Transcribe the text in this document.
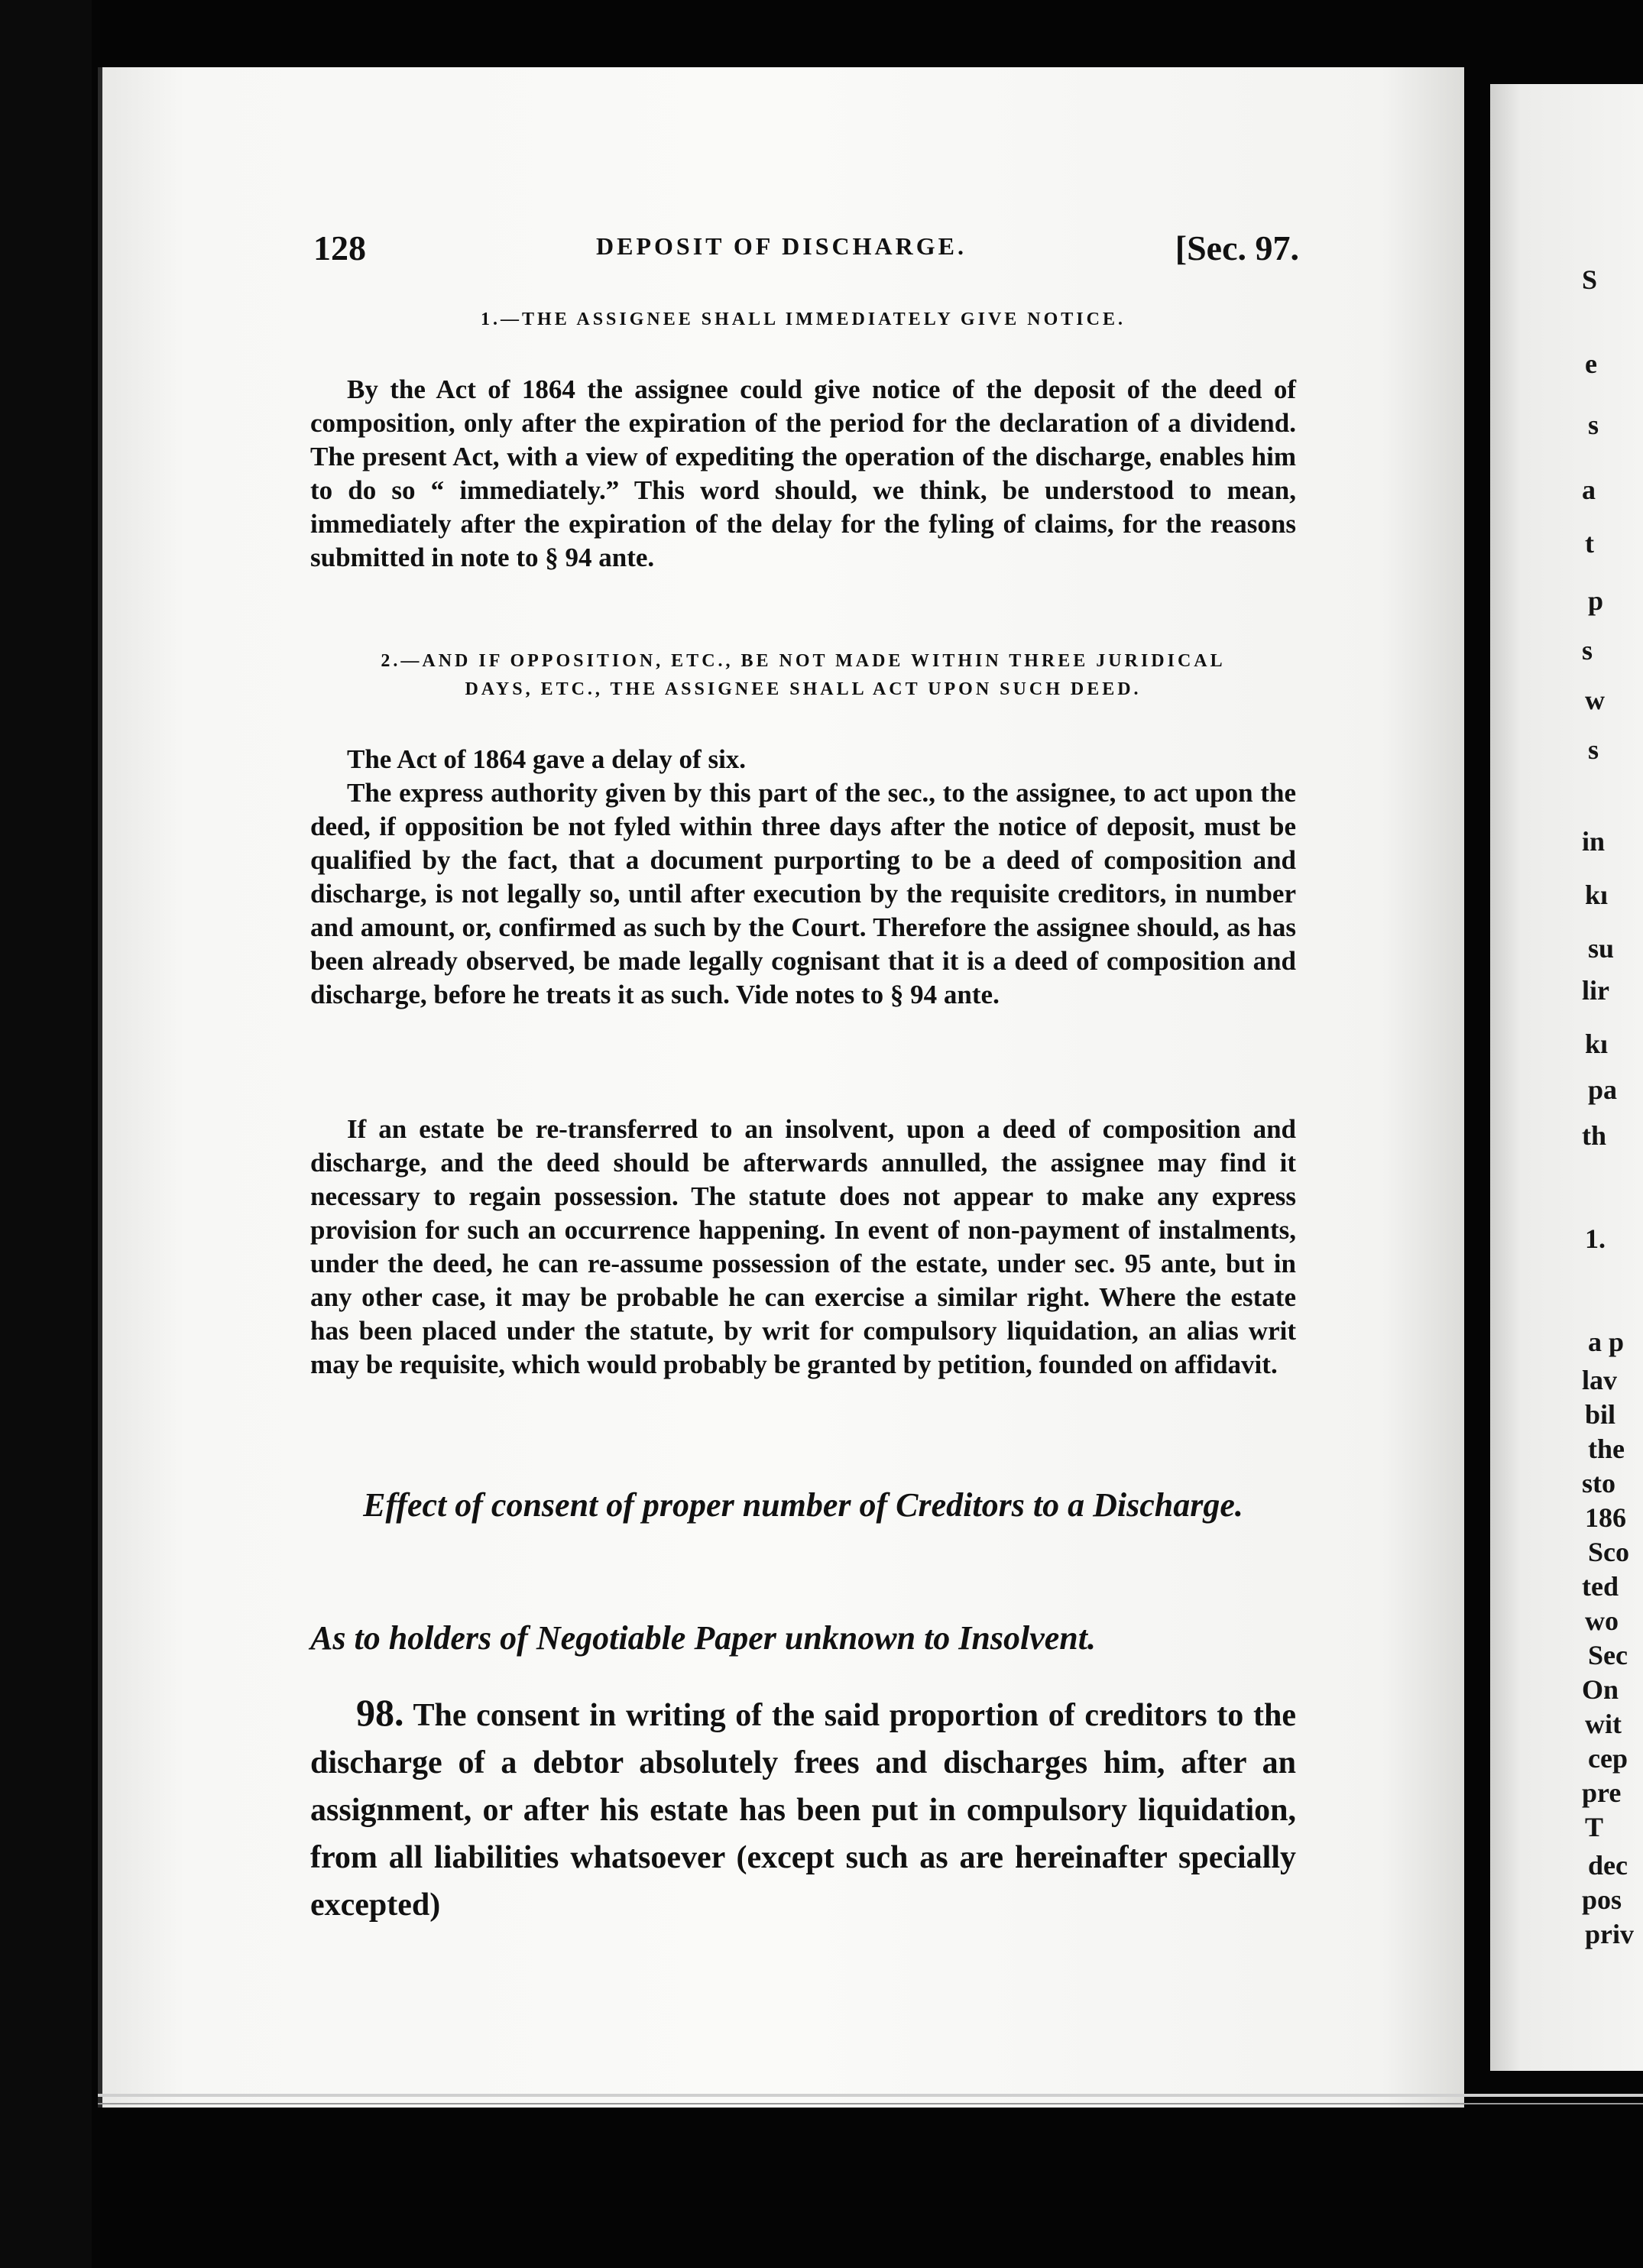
128	DEPOSIT OF DISCHARGE.	[Sec. 97.
1.—THE ASSIGNEE SHALL IMMEDIATELY GIVE NOTICE.

By the Act of 1864 the assignee could give notice of the deposit of the deed of composition, only after the expiration of the period for the declaration of a dividend. The present Act, with a view of expediting the operation of the discharge, enables him to do so “ immediately.” This word should, we think, be understood to mean, immediately after the expiration of the delay for the fyling of claims, for the reasons submitted in note to § 94 ante.

2.—AND IF OPPOSITION, ETC., BE NOT MADE WITHIN THREE JURIDICAL
DAYS, ETC., THE ASSIGNEE SHALL ACT UPON SUCH DEED.

The Act of 1864 gave a delay of six.

The express authority given by this part of the sec., to the assignee, to act upon the deed, if opposition be not fyled within three days after the notice of deposit, must be qualified by the fact, that a document purporting to be a deed of composition and discharge, is not legally so, until after execution by the requisite creditors, in number and amount, or, confirmed as such by the Court. Therefore the assignee should, as has been already observed, be made legally cognisant that it is a deed of composition and discharge, before he treats it as such. Vide notes to § 94 ante.

If an estate be re-transferred to an insolvent, upon a deed of composition and discharge, and the deed should be afterwards annulled, the assignee may find it necessary to regain possession. The statute does not appear to make any express provision for such an occurrence happening. In event of non-payment of instalments, under the deed, he can re-assume possession of the estate, under sec. 95 ante, but in any other case, it may be probable he can exercise a similar right. Where the estate has been placed under the statute, by writ for compulsory liquidation, an alias writ may be requisite, which would probably be granted by petition, founded on affidavit.

Effect of consent of proper number of Creditors to a Discharge.

As to holders of Negotiable Paper unknown to Insolvent.

98. The consent in writing of the said proportion of creditors to the discharge of a debtor absolutely frees and discharges him, after an assignment, or after his estate has been put in compulsory liquidation, from all liabilities whatsoever (except such as are hereinafter specially excepted)

S
e
s
a
t
p
s
w
s
in
kı
su
lir
kı
pa
th
1.
a p
lav
bil
the
sto
186
Sco
ted
wo
Sec
On
wit
cep
pre
T
dec
pos
priv
